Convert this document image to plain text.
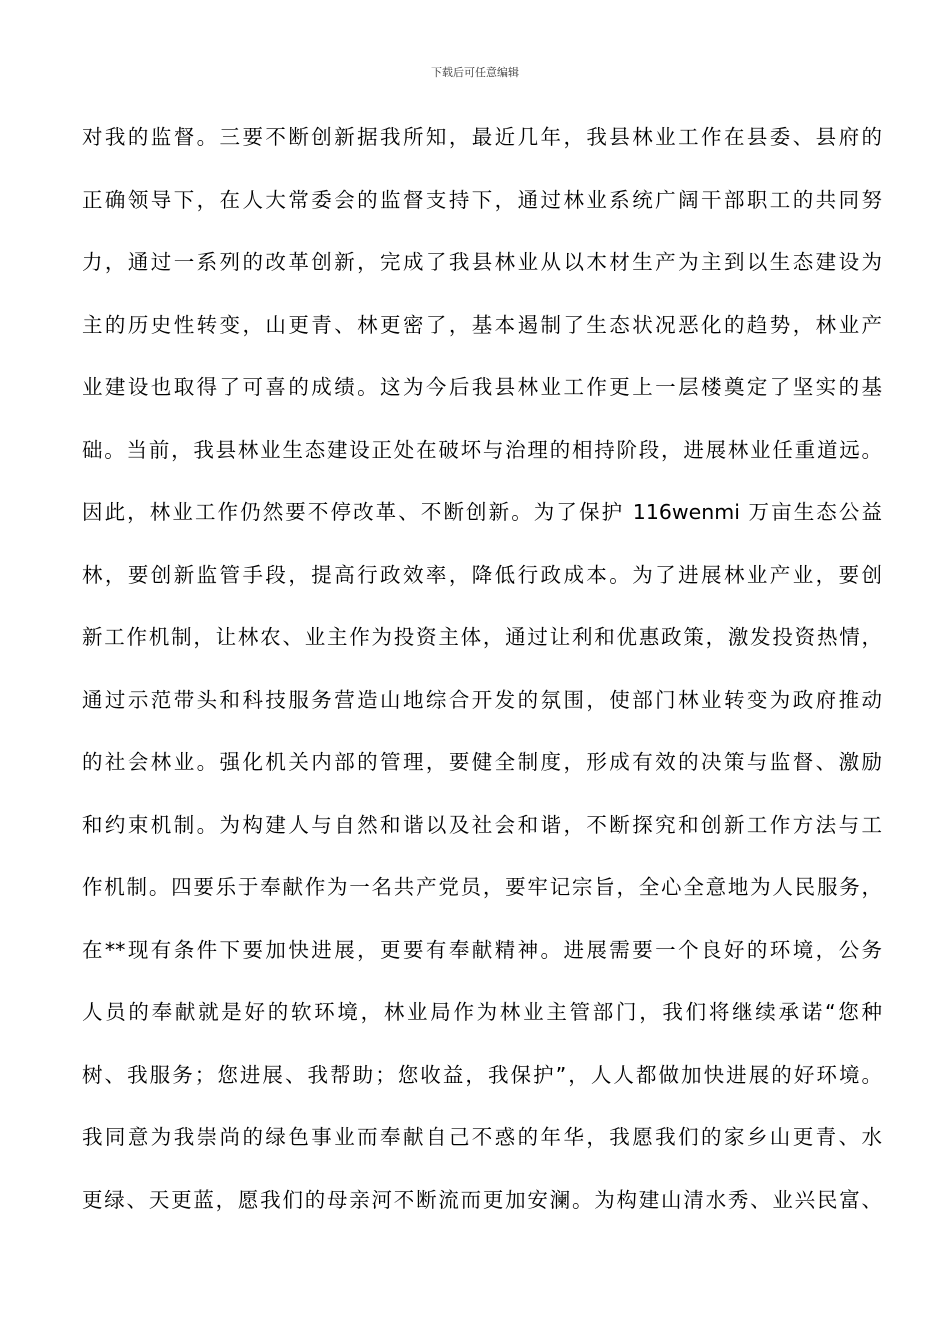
下载后可任意编辑
对我的监督。三要不断创新据我所知，最近几年，我县林业工作在县委、县府的
正确领导下，在人大常委会的监督支持下，通过林业系统广阔干部职工的共同努
力，通过一系列的改革创新，完成了我县林业从以木材生产为主到以生态建设为
主的历史性转变，山更青、林更密了，基本遏制了生态状况恶化的趋势，林业产
业建设也取得了可喜的成绩。这为今后我县林业工作更上一层楼奠定了坚实的基
础。当前，我县林业生态建设正处在破坏与治理的相持阶段，进展林业任重道远。
因此，林业工作仍然要不停改革、不断创新。为了保护 116wenmi 万亩生态公益
林，要创新监管手段，提高行政效率，降低行政成本。为了进展林业产业，要创
新工作机制，让林农、业主作为投资主体，通过让利和优惠政策，激发投资热情，
通过示范带头和科技服务营造山地综合开发的氛围，使部门林业转变为政府推动
的社会林业。强化机关内部的管理，要健全制度，形成有效的决策与监督、激励
和约束机制。为构建人与自然和谐以及社会和谐，不断探究和创新工作方法与工
作机制。四要乐于奉献作为一名共产党员，要牢记宗旨，全心全意地为人民服务，
在**现有条件下要加快进展，更要有奉献精神。进展需要一个良好的环境，公务
人员的奉献就是好的软环境，林业局作为林业主管部门，我们将继续承诺“您种
树、我服务；您进展、我帮助；您收益，我保护”，人人都做加快进展的好环境。
我同意为我崇尚的绿色事业而奉献自己不惑的年华，我愿我们的家乡山更青、水
更绿、天更蓝，愿我们的母亲河不断流而更加安澜。为构建山清水秀、业兴民富、
